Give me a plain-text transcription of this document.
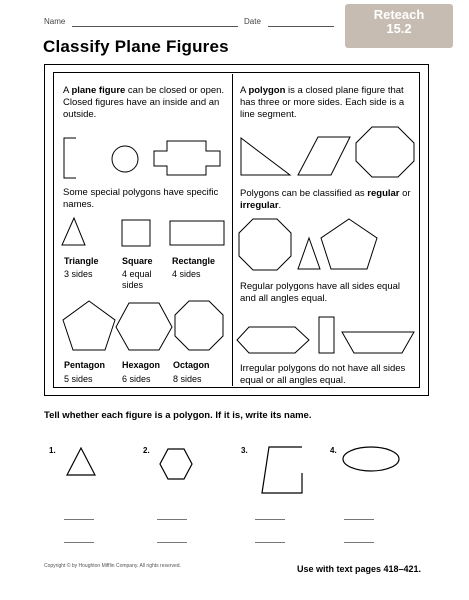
Name	Date	Reteach
15.2
Classify Plane Figures
A plane figure can be closed or open. Closed figures have an inside and an outside.
Some special polygons have specific names.
Triangle
3 sides
Square
4 equal sides
Rectangle
4 sides
Pentagon
5 sides
Hexagon
6 sides
Octagon
8 sides
A polygon is a closed plane figure that has three or more sides. Each side is a line segment.
Polygons can be classified as regular or irregular.
Regular polygons have all sides equal and all angles equal.
Irregular polygons do not have all sides equal or all angles equal.
Tell whether each figure is a polygon. If it is, write its name.
1.	2.	3.	4.
Copyright © by Houghton Mifflin Company. All rights reserved.	Use with text pages 418–421.
